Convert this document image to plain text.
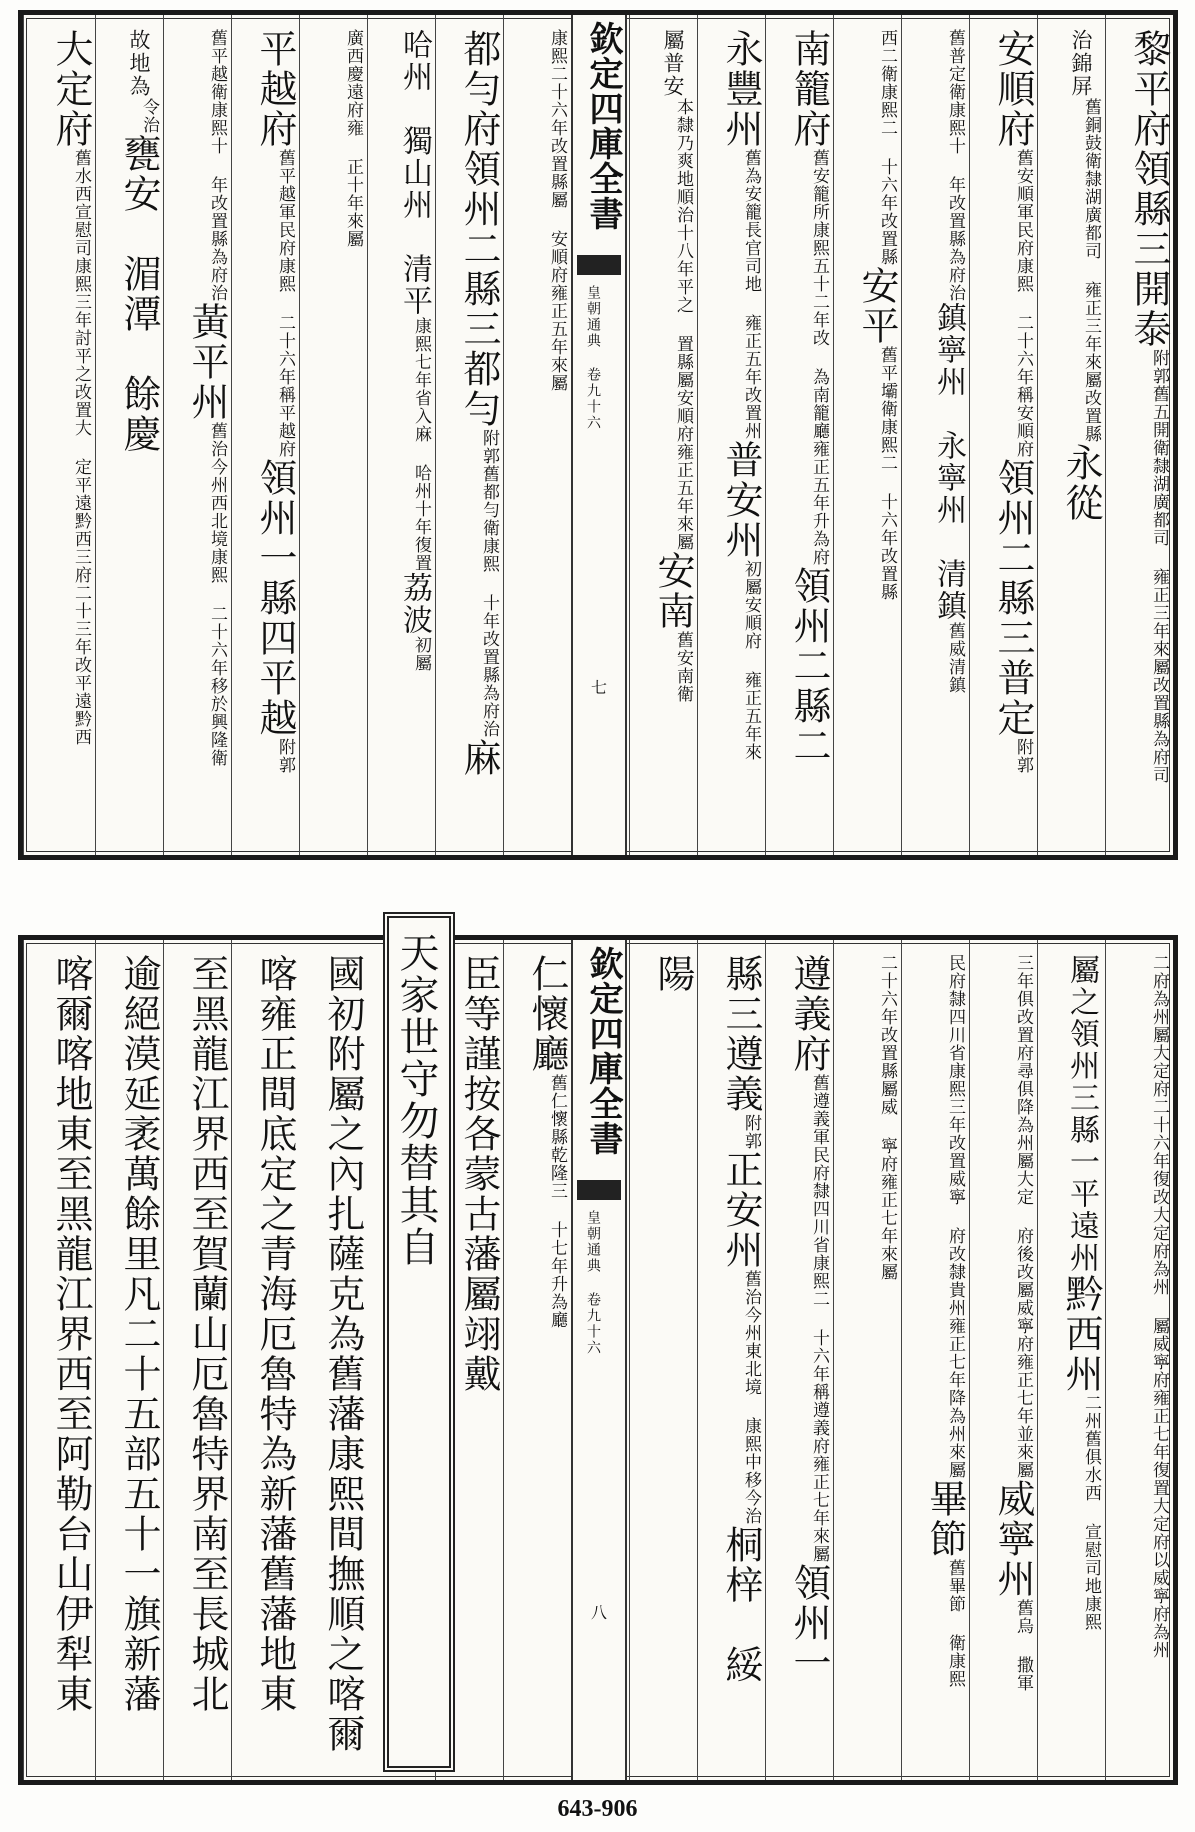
黎平府領縣三開泰附郭舊五開衛隸湖廣都司 雍正三年來屬改置縣為府司
治錦屏舊銅鼓衛隸湖廣都司 雍正三年來屬改置縣永從
安順府舊安順軍民府康熙 二十六年稱安順府領州二縣三普定附郭
舊普定衛康熙十 年改置縣為府治鎮寧州　永寧州　清鎮舊威清鎮
西二衛康熙二 十六年改置縣安平舊平壩衛康熙二 十六年改置縣
南籠府舊安籠所康熙五十二年改 為南籠廳雍正五年升為府領州二縣二
永豐州舊為安籠長官司地 雍正五年改置州普安州初屬安順府 雍正五年來
屬普安本隸乃爽地順治十八年平之 置縣屬安順府雍正五年來屬安南舊安南衛
欽定四庫全書
皇朝通典 卷九十六
七
康熙二十六年改置縣屬 安順府雍正五年來屬
都勻府領州二縣三都勻附郭舊都勻衛康熙 十年改置縣為府治麻
哈州　獨山州　清平康熙七年省入麻 哈州十年復置荔波初屬
廣西慶遠府雍 正十年來屬
平越府舊平越軍民府康熙 二十六年稱平越府領州一縣四平越附郭
舊平越衛康熙十 年改置縣為府治黃平州舊治今州西北境康熙 二十六年移於興隆衛
故地為令治甕安　湄潭　餘慶
大定府舊水西宣慰司康熙三年討平之改置大 定平遠黔西三府二十三年改平遠黔西
二府為州屬大定府二十六年復改大定府為州 屬威寧府雍正七年復置大定府以威寧府為州
屬之領州三縣一平遠州黔西州二州舊俱水西 宣慰司地康熙
三年俱改置府尋俱降為州屬大定 府後改屬威寧府雍正七年並來屬威寧州舊烏 撒軍
民府隸四川省康熙三年改置威寧 府改隸貴州雍正七年降為州來屬畢節舊畢節 衛康熙
二十六年改置縣屬威 寧府雍正七年來屬
遵義府舊遵義軍民府隸四川省康熙二 十六年稱遵義府雍正七年來屬領州一
縣三遵義附郭正安州舊治今州東北境 康熙中移今治桐梓　綏
陽
欽定四庫全書
皇朝通典 卷九十六
八
仁懷廳舊仁懷縣乾隆三 十七年升為廳
臣等謹按各蒙古藩屬翊戴
天家世守勿替其自
國初附屬之內扎薩克為舊藩康熙間撫順之喀爾
喀雍正間底定之青海厄魯特為新藩舊藩地東
至黑龍江界西至賀蘭山厄魯特界南至長城北
逾絕漠延袤萬餘里凡二十五部五十一旗新藩
喀爾喀地東至黑龍江界西至阿勒台山伊犁東
643-906
